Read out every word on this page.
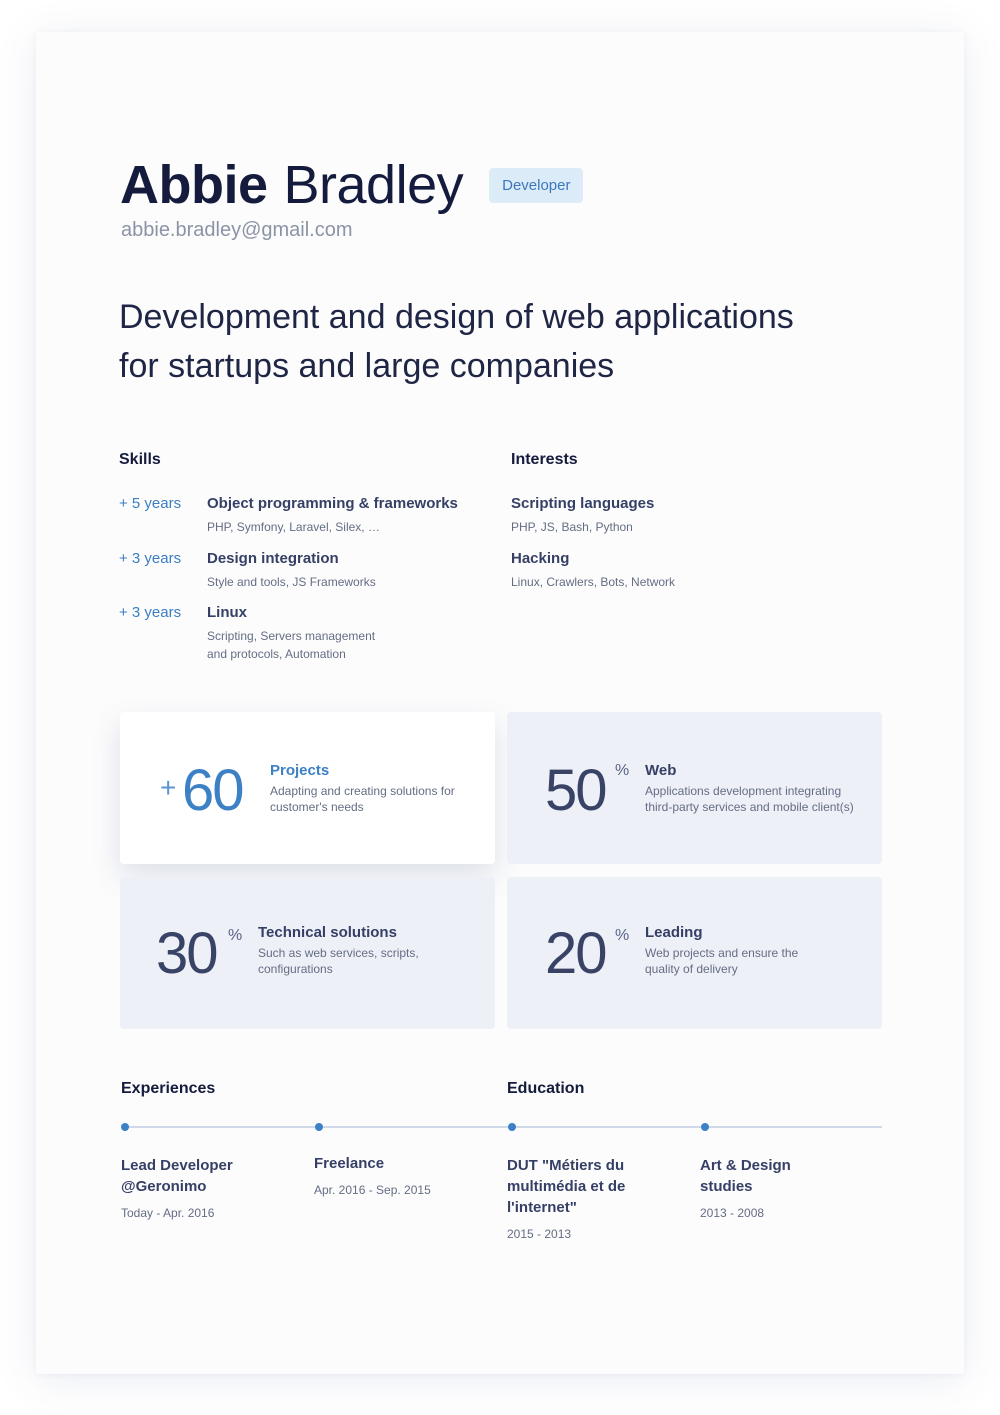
Abbie Bradley	Developer
abbie.bradley@gmail.com
Development and design of web applications for startups and large companies
Skills
+ 5 years	Object programming & frameworks
PHP, Symfony, Laravel, Silex, …
+ 3 years	Design integration
Style and tools, JS Frameworks
+ 3 years	Linux
Scripting, Servers management and protocols, Automation
Interests
Scripting languages
PHP, JS, Bash, Python
Hacking
Linux, Crawlers, Bots, Network
+ 60 Projects
Adapting and creating solutions for customer's needs	50 % Web
Applications development integrating third-party services and mobile client(s)
30 % Technical solutions
Such as web services, scripts, configurations	20 % Leading
Web projects and ensure the quality of delivery
Experiences	Education
Lead Developer @Geronimo
Today - Apr. 2016
Freelance
Apr. 2016 - Sep. 2015
DUT "Métiers du multimédia et de l'internet"
2015 - 2013
Art & Design studies
2013 - 2008
